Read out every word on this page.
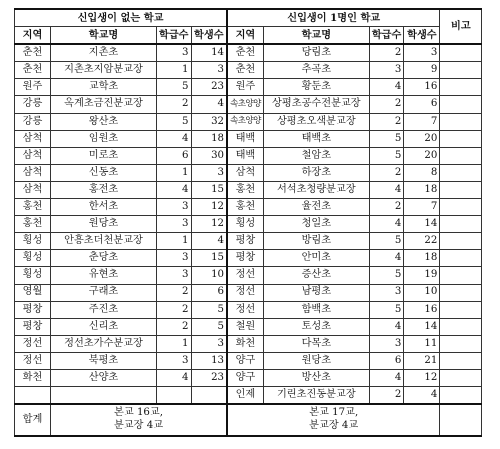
신입생이 없는 학교				신입생이 1명인 학교				비고
지역	학교명	학급수	학생수	지역	학교명	학급수	학생수	
춘천	지촌초	3	14	춘천	당림초	2	3	
춘천	지촌초지암분교장	1	3	춘천	추곡초	3	9	
원주	교학초	5	23	원주	황둔초	4	16	
강릉	옥계초금진분교장	2	4	속초양양	상평초공수전분교장	2	6	
강릉	왕산초	5	32	속초양양	상평초오색분교장	2	7	
삼척	임원초	4	18	태백	태백초	5	20	
삼척	미로초	6	30	태백	철암초	5	20	
삼척	신동초	1	3	삼척	하장초	2	8	
삼척	홍전초	4	15	홍천	서석초청량분교장	4	18	
홍천	한서초	3	12	홍천	율전초	2	7	
홍천	원당초	3	12	횡성	청일초	4	14	
횡성	안흥초더천분교장	1	4	평창	방림초	5	22	
횡성	춘당초	3	15	평창	안미초	4	18	
횡성	유현초	3	10	정선	증산초	5	19	
영월	구래초	2	6	정선	남평초	3	10	
평창	주진초	2	5	정선	함백초	5	16	
평창	신리초	2	5	철원	토성초	4	14	
정선	정선초가수분교장	1	3	화천	다목초	3	11	
정선	북평초	3	13	양구	원당초	6	21	
화천	산양초	4	23	양구	방산초	4	12	
				인제	기린초진동분교장	2	4	
합계	본교 16교,
분교장 4교			본교 17교,
분교장 4교				
